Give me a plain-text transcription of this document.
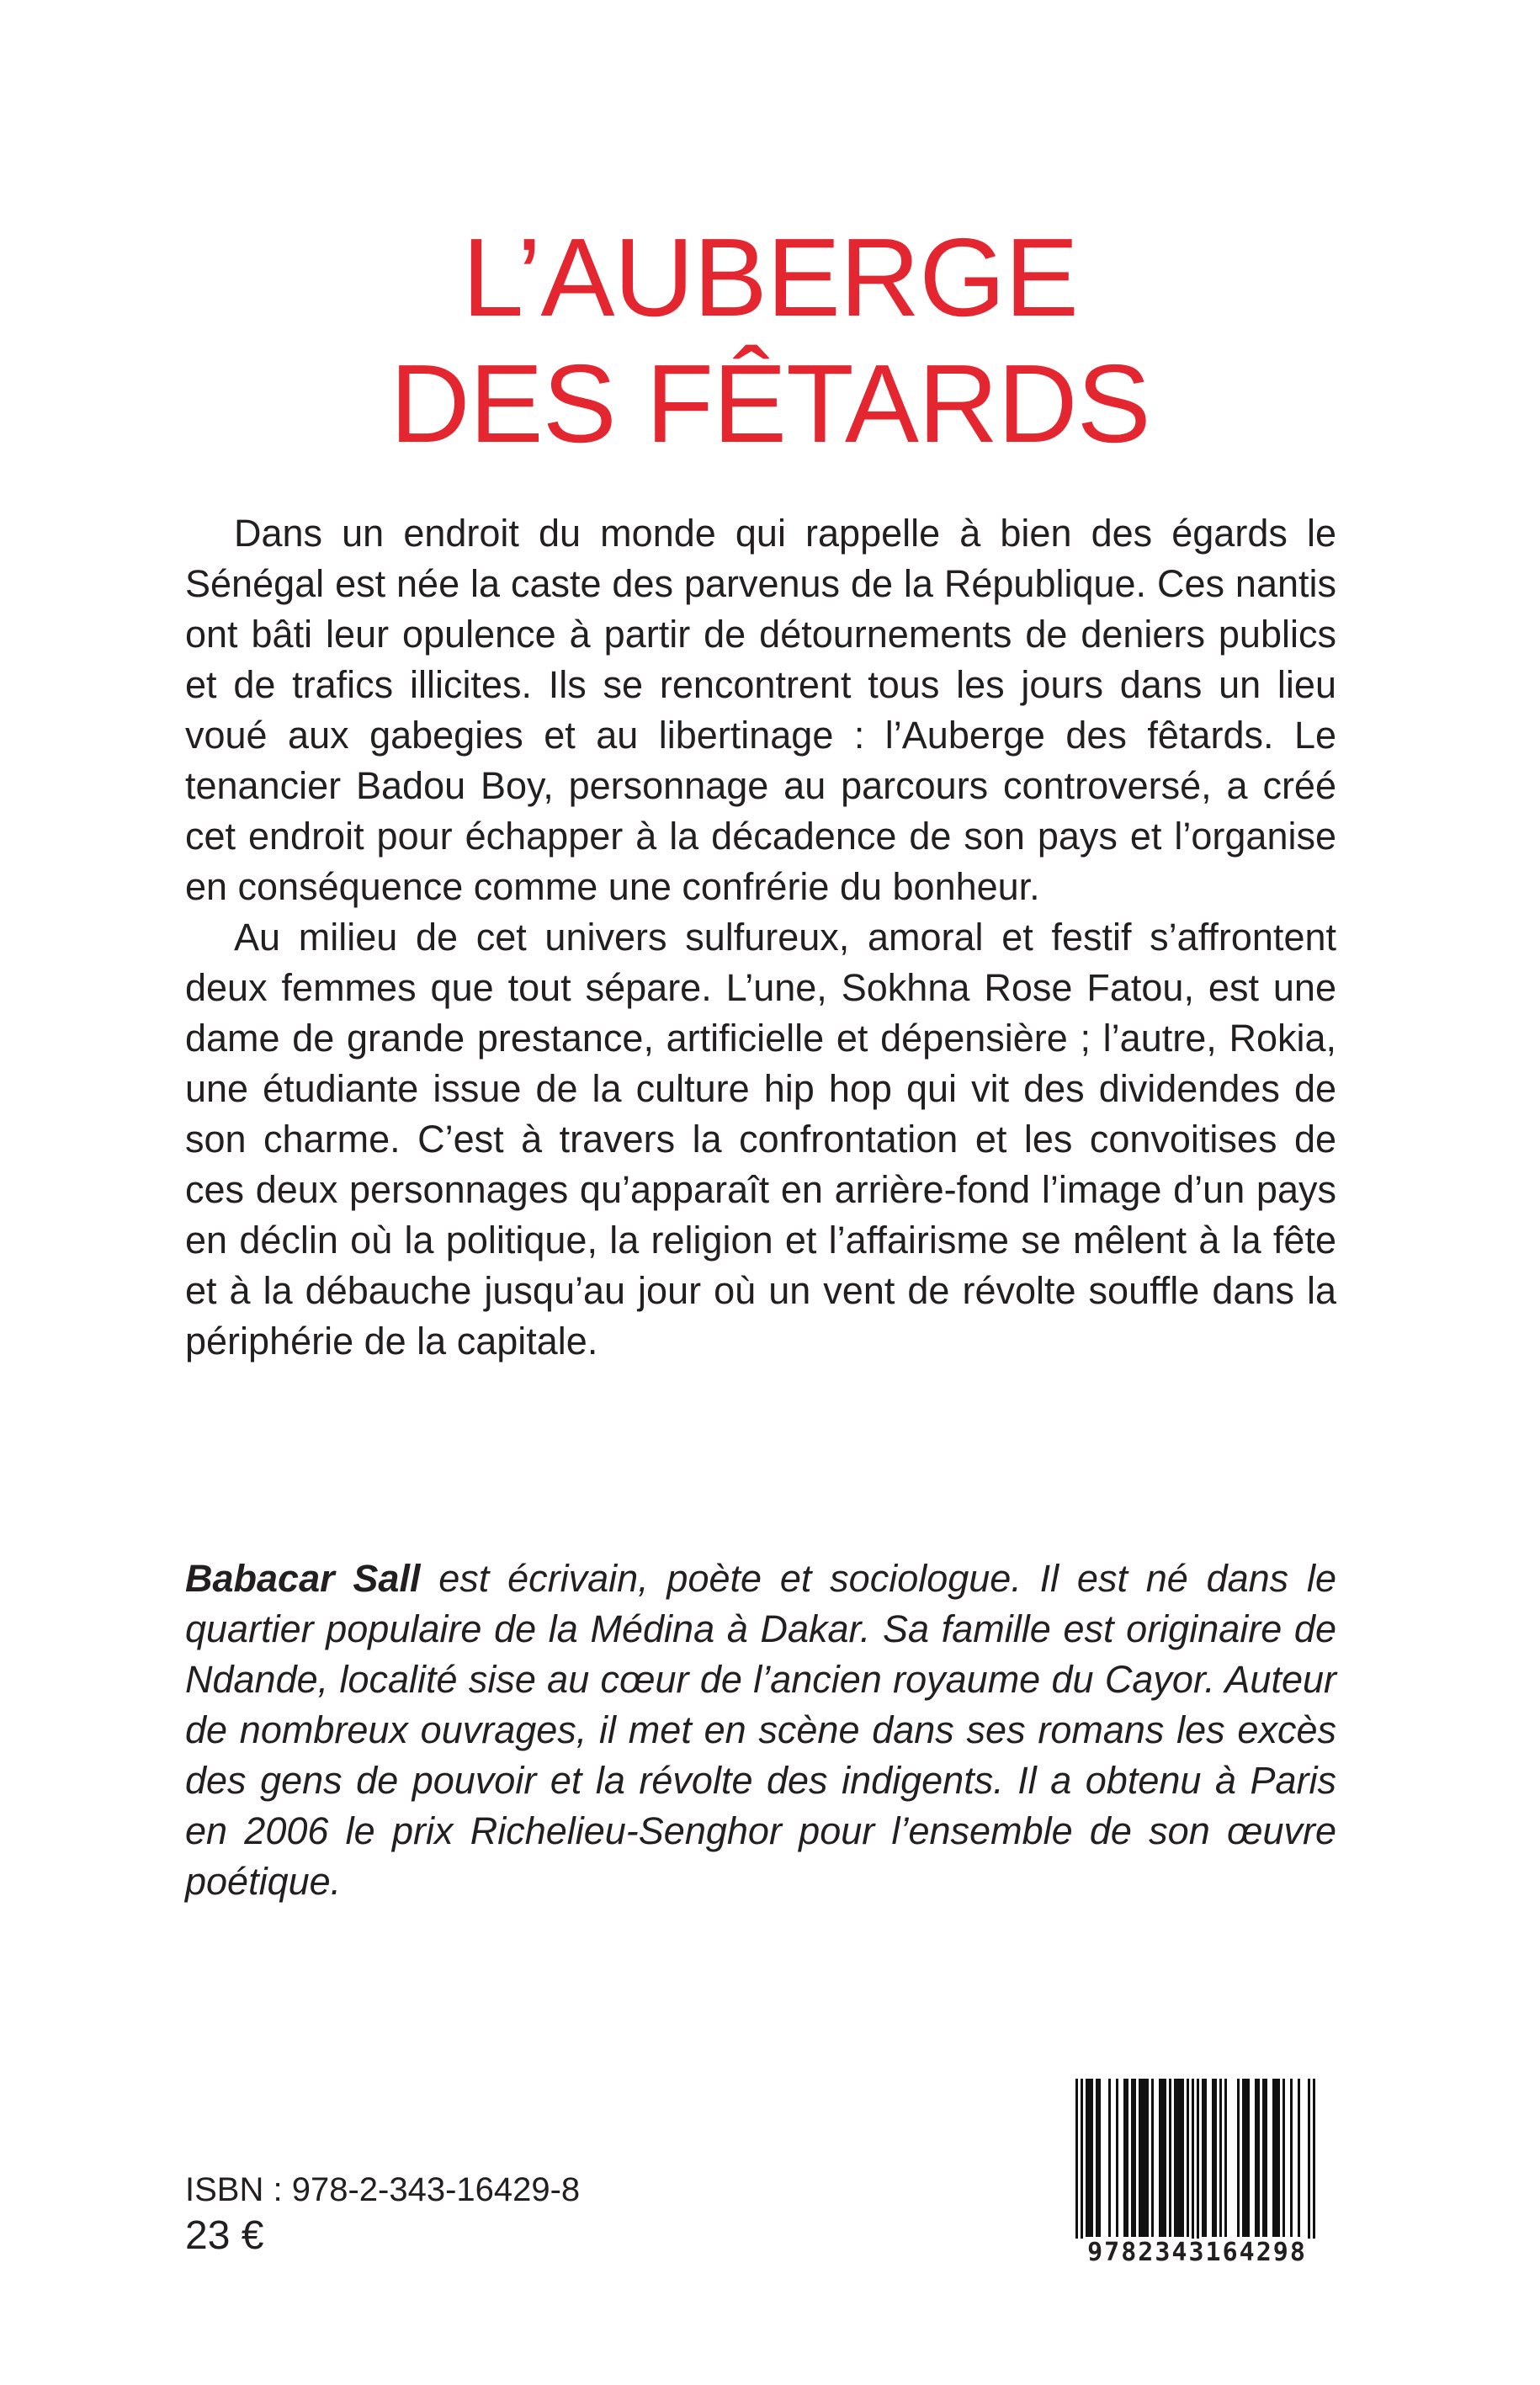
L’AUBERGE
DES FÊTARDS

Dans un endroit du monde qui rappelle à bien des égards le Sénégal est née la caste des parvenus de la République. Ces nantis ont bâti leur opulence à partir de détournements de deniers publics et de trafics illicites. Ils se rencontrent tous les jours dans un lieu voué aux gabegies et au libertinage : l’Auberge des fêtards. Le tenancier Badou Boy, personnage au parcours controversé, a créé cet endroit pour échapper à la décadence de son pays et l’organise en conséquence comme une confrérie du bonheur.

Au milieu de cet univers sulfureux, amoral et festif s’affrontent deux femmes que tout sépare. L’une, Sokhna Rose Fatou, est une dame de grande prestance, artificielle et dépensière ; l’autre, Rokia, une étudiante issue de la culture hip hop qui vit des dividendes de son charme. C’est à travers la confrontation et les convoitises de ces deux personnages qu’apparaît en arrière-fond l’image d’un pays en déclin où la politique, la religion et l’affairisme se mêlent à la fête et à la débauche jusqu’au jour où un vent de révolte souffle dans la périphérie de la capitale.

Babacar Sall est écrivain, poète et sociologue. Il est né dans le quartier populaire de la Médina à Dakar. Sa famille est originaire de Ndande, localité sise au cœur de l’ancien royaume du Cayor. Auteur de nombreux ouvrages, il met en scène dans ses romans les excès des gens de pouvoir et la révolte des indigents. Il a obtenu à Paris en 2006 le prix Richelieu-Senghor pour l’ensemble de son œuvre poétique.

ISBN : 978-2-343-16429-8
23 €	9782343164298
